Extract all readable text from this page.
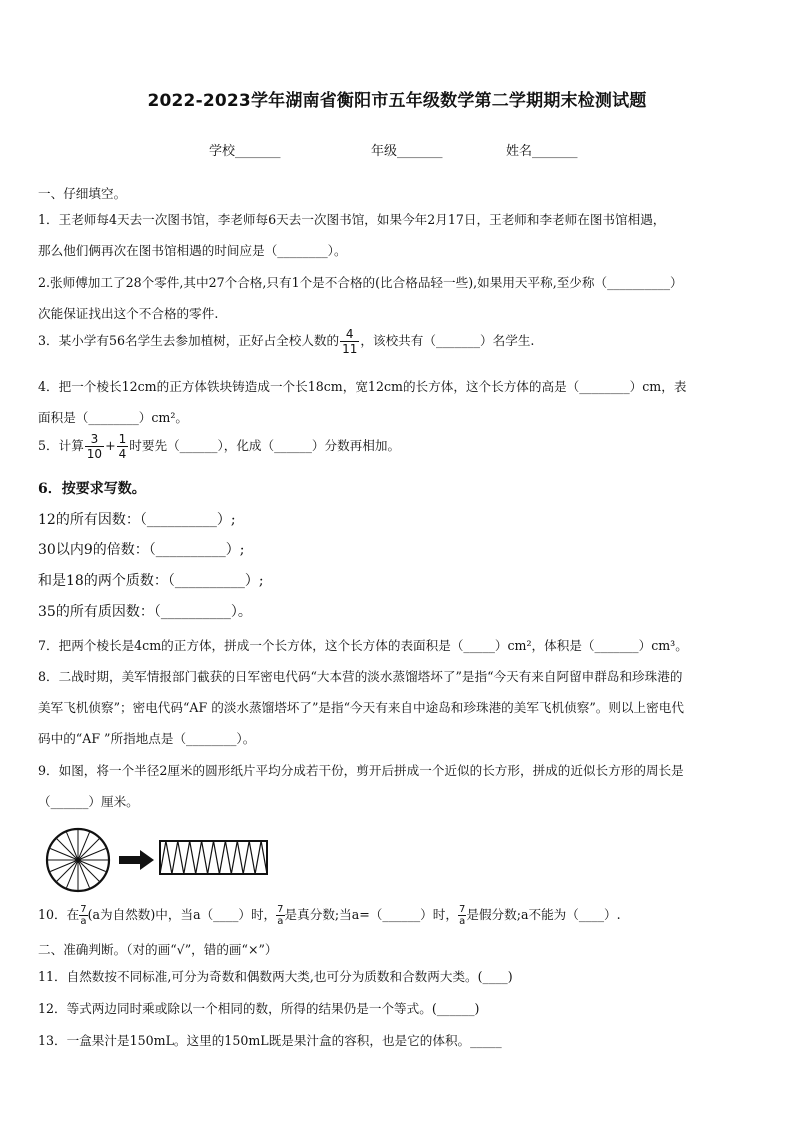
2022-2023学年湖南省衡阳市五年级数学第二学期期末检测试题
学校_______	年级_______	姓名_______
一、仔细填空。
1．王老师每4天去一次图书馆，李老师每6天去一次图书馆，如果今年2月17日，王老师和李老师在图书馆相遇，
那么他们俩再次在图书馆相遇的时间应是（________）。
2.张师傅加工了28个零件,其中27个合格,只有1个是不合格的(比合格品轻一些),如果用天平称,至少称（__________）
次能保证找出这个不合格的零件.
3．某小学有56名学生去参加植树，正好占全校人数的 $\frac{4}{11}$ ，该校共有（_______）名学生.
4．把一个棱长12cm的正方体铁块铸造成一个长18cm，宽12cm的长方体，这个长方体的高是（________）cm，表
面积是（________）cm²。
5．计算 $\frac{3}{10} + \frac{1}{4}$ 时要先（______），化成（______）分数再相加。
6．按要求写数。
12的所有因数：（__________）;
30以内9的倍数：（__________）;
和是18的两个质数：（__________）;
35的所有质因数：（__________）。
7．把两个棱长是4cm的正方体，拼成一个长方体，这个长方体的表面积是（_____）cm²，体积是（_______）cm³。
8．二战时期，美军情报部门截获的日军密电代码“大本营的淡水蒸馏塔坏了”是指“今天有来自阿留申群岛和珍珠港的
美军飞机侦察”；密电代码“AF 的淡水蒸馏塔坏了”是指“今天有来自中途岛和珍珠港的美军飞机侦察”。则以上密电代
码中的“AF ”所指地点是（________）。
9．如图，将一个半径2厘米的圆形纸片平均分成若干份，剪开后拼成一个近似的长方形，拼成的近似长方形的周长是
（______）厘米。
10．在 $\frac{7}{a} (a$为自然数)中，当a（____）时， $\frac{7}{a}$ 是真分数;当a=（______）时， $\frac{7}{a}$ 是假分数;a不能为（____）.
二、准确判断。（对的画“√”，错的画“×”）
11．自然数按不同标准,可分为奇数和偶数两大类,也可分为质数和合数两大类。(____)
12．等式两边同时乘或除以一个相同的数，所得的结果仍是一个等式。(______)
13．一盒果汁是150mL。这里的150mL既是果汁盒的容积，也是它的体积。_____
